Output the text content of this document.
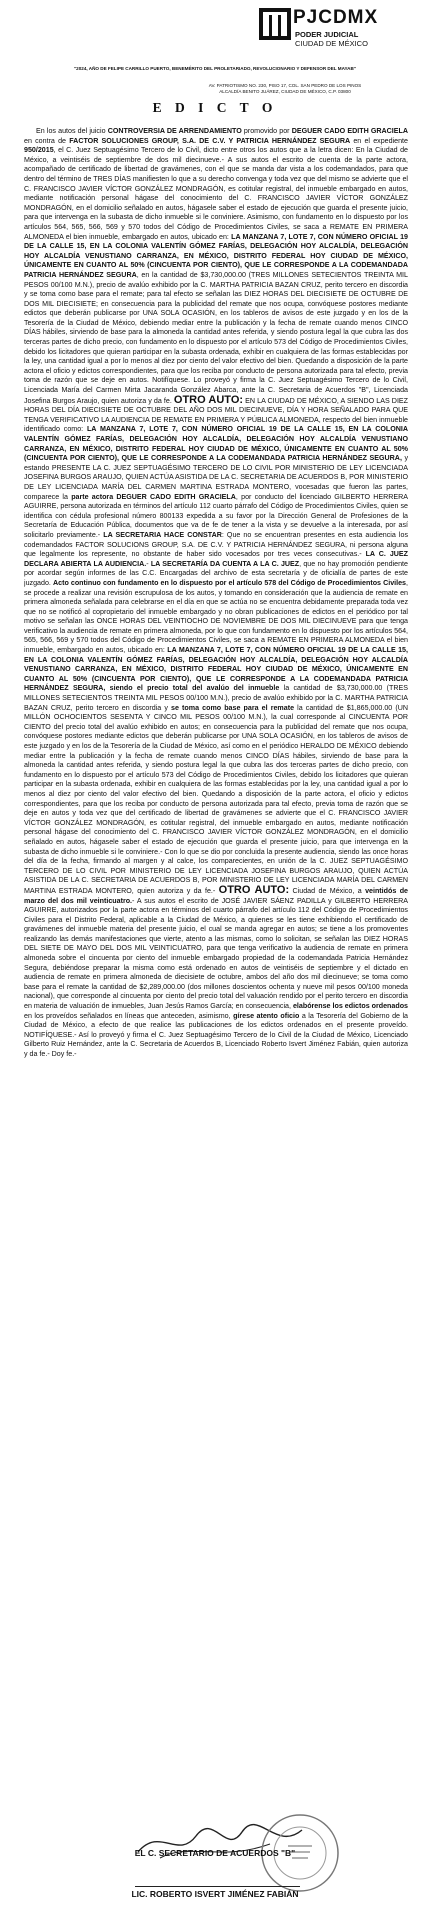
PJCDMX
PODER JUDICIAL
CIUDAD DE MÉXICO
"2024, AÑO DE FELIPE CARRILLO PUERTO, BENEMÉRITO DEL PROLETARIADO, REVOLUCIONARIO Y DEFENSOR DEL MAYAB"
AV. PATRIOTISMO NO. 230, PISO 17, COL. SAN PEDRO DE LOS PINOS
ALCALDÍA BENITO JUÁREZ, CIUDAD DE MÉXICO, C.P. 03800
E D I C T O

En los autos del juicio CONTROVERSIA DE ARRENDAMIENTO promovido por DEGUER CADO EDITH GRACIELA en contra de FACTOR SOLUCIONES GROUP, S.A. DE C.V. Y PATRICIA HERNÁNDEZ SEGURA en el expediente 950/2015, el C. Juez Septuagésimo Tercero de lo Civil, dicto entre otros los autos que a la letra dicen: En la Ciudad de México, a veintiséis de septiembre de dos mil diecinueve.- A sus autos el escrito de cuenta de la parte actora, acompañado de certificado de libertad de gravámenes, con el que se manda dar vista a los codemandados, para que dentro del término de TRES DÍAS manifiesten lo que a su derecho convenga y toda vez que del mismo se advierte que el C. FRANCISCO JAVIER VÍCTOR GONZÁLEZ MONDRAGÓN, es cotitular registral, del inmueble embargado en autos, mediante notificación personal hágase del conocimiento del C. FRANCISCO JAVIER VÍCTOR GONZÁLEZ MONDRAGÓN, en el domicilio señalado en autos, hágasele saber el estado de ejecución que guarda el presente juicio, para que intervenga en la subasta de dicho inmueble si le conviniere. Asimismo, con fundamento en lo dispuesto por los artículos 564, 565, 566, 569 y 570 todos del Código de Procedimientos Civiles, se saca a REMATE EN PRIMERA ALMONEDA el bien inmueble, embargado en autos, ubicado en: LA MANZANA 7, LOTE 7, CON NÚMERO OFICIAL 19 DE LA CALLE 15, EN LA COLONIA VALENTÍN GÓMEZ FARÍAS, DELEGACIÓN HOY ALCALDÍA, DELEGACIÓN HOY ALCALDÍA VENUSTIANO CARRANZA, EN MÉXICO, DISTRITO FEDERAL HOY CIUDAD DE MÉXICO, ÚNICAMENTE EN CUANTO AL 50% (CINCUENTA POR CIENTO), QUE LE CORRESPONDE A LA CODEMANDADA PATRICIA HERNÁNDEZ SEGURA, en la cantidad de $3,730,000.00 (TRES MILLONES SETECIENTOS TREINTA MIL PESOS 00/100 M.N.), precio de avalúo exhibido por la C. MARTHA PATRICIA BAZAN CRUZ, perito tercero en discordia y se toma como base para el remate; para tal efecto se señalan las DIEZ HORAS DEL DIECISIETE DE OCTUBRE DE DOS MIL DIECISIETE; en consecuencia para la publicidad del remate que nos ocupa, convóquese postores mediante edictos que deberán publicarse por UNA SOLA OCASIÓN, en los tableros de avisos de este juzgado y en los de la Tesorería de la Ciudad de México, debiendo mediar entre la publicación y la fecha de remate cuando menos CINCO DÍAS hábiles, sirviendo de base para la almoneda la cantidad antes referida, y siendo postura legal la que cubra las dos terceras partes de dicho precio, con fundamento en lo dispuesto por el artículo 573 del Código de Procedimientos Civiles, debido los licitadores que quieran participar en la subasta ordenada, exhibir en cualquiera de las formas establecidas por la ley, una cantidad igual a por lo menos al diez por ciento del valor efectivo del bien. Quedando a disposición de la parte actora el oficio y edictos correspondientes, para que los reciba por conducto de persona autorizada para tal efecto, previa toma de razón que se deje en autos. Notifíquese. Lo proveyó y firma la C. Juez Septuagésimo Tercero de lo Civil, Licenciada María del Carmen Mirta Jacaranda González Abarca, ante la C. Secretaria de Acuerdos "B", Licenciada Josefina Burgos Araujo, quien autoriza y da fe. OTRO AUTO: EN LA CIUDAD DE MÉXICO, A SIENDO LAS DIEZ HORAS DEL DÍA DIECISIETE DE OCTUBRE DEL AÑO DOS MIL DIECINUEVE, DÍA Y HORA SEÑALADO PARA QUE TENGA VERIFICATIVO LA AUDIENCIA DE REMATE EN PRIMERA Y PÚBLICA ALMONEDA, respecto del bien inmueble identificado como: LA MANZANA 7, LOTE 7, CON NÚMERO OFICIAL 19 DE LA CALLE 15, EN LA COLONIA VALENTÍN GÓMEZ FARÍAS, DELEGACIÓN HOY ALCALDÍA, DELEGACIÓN HOY ALCALDÍA VENUSTIANO CARRANZA, EN MÉXICO, DISTRITO FEDERAL HOY CIUDAD DE MÉXICO, ÚNICAMENTE EN CUANTO AL 50% (CINCUENTA POR CIENTO), QUE LE CORRESPONDE A LA CODEMANDADA PATRICIA HERNÁNDEZ SEGURA, y estando PRESENTE LA C. JUEZ SEPTUAGÉSIMO TERCERO DE LO CIVIL POR MINISTERIO DE LEY LICENCIADA JOSEFINA BURGOS ARAUJO, QUIEN ACTÚA ASISTIDA DE LA C. SECRETARIA DE ACUERDOS B, POR MINISTERIO DE LEY LICENCIADA MARÍA DEL CARMEN MARTINA ESTRADA MONTERO, vocesadas que fueron las partes, comparece la parte actora DEGUER CADO EDITH GRACIELA, por conducto del licenciado GILBERTO HERRERA AGUIRRE, persona autorizada en términos del artículo 112 cuarto párrafo del Código de Procedimientos Civiles, quien se identifica con cédula profesional número 800133 expedida a su favor por la Dirección General de Profesiones de la Secretaría de Educación Pública, documentos que va de fe de tener a la vista y se devuelve a la interesada, por así solicitarlo previamente.- LA SECRETARIA HACE CONSTAR: Que no se encuentran presentes en esta audiencia los codemandados FACTOR SOLUCIONS GROUP, S.A. DE C.V. Y PATRICIA HERNÁNDEZ SEGURA, ni persona alguna que legalmente los represente, no obstante de haber sido vocesados por tres veces consecutivas.- LA C. JUEZ DECLARA ABIERTA LA AUDIENCIA.- LA SECRETARÍA DA CUENTA A LA C. JUEZ, que no hay promoción pendiente por acordar según informes de las C.C. Encargadas del archivo de esta secretaría y de oficialía de partes de este juzgado. Acto continuo con fundamento en lo dispuesto por el artículo 578 del Código de Procedimientos Civiles, se procede a realizar una revisión escrupulosa de los autos, y tomando en consideración que la audiencia de remate en primera almoneda señalada para celebrarse en el día en que se actúa no se encuentra debidamente preparada toda vez que no se notificó al copropietario del inmueble embargado y no obran publicaciones de edictos en el periódico por tal motivo se señalan las ONCE HORAS DEL VEINTIOCHO DE NOVIEMBRE DE DOS MIL DIECINUEVE para que tenga verificativo la audiencia de remate en primera almoneda, por lo que con fundamento en lo dispuesto por los artículos 564, 565, 566, 569 y 570 todos del Código de Procedimientos Civiles, se saca a REMATE EN PRIMERA ALMONEDA el bien inmueble, embargado en autos, ubicado en: LA MANZANA 7, LOTE 7, CON NÚMERO OFICIAL 19 DE LA CALLE 15, EN LA COLONIA VALENTÍN GÓMEZ FARÍAS, DELEGACIÓN HOY ALCALDÍA, DELEGACIÓN HOY ALCALDÍA VENUSTIANO CARRANZA, EN MÉXICO, DISTRITO FEDERAL HOY CIUDAD DE MÉXICO, ÚNICAMENTE EN CUANTO AL 50% (CINCUENTA POR CIENTO), QUE LE CORRESPONDE A LA CODEMANDADA PATRICIA HERNÁNDEZ SEGURA, siendo el precio total del avalúo del inmueble la cantidad de $3,730,000.00 (TRES MILLONES SETECIENTOS TREINTA MIL PESOS 00/100 M.N.), precio de avalúo exhibido por la C. MARTHA PATRICIA BAZAN CRUZ, perito tercero en discordia y se toma como base para el remate la cantidad de $1,865,000.00 (UN MILLÓN OCHOCIENTOS SESENTA Y CINCO MIL PESOS 00/100 M.N.), la cual corresponde al CINCUENTA POR CIENTO del precio total del avalúo exhibido en autos; en consecuencia para la publicidad del remate que nos ocupa, convóquese postores mediante edictos que deberán publicarse por UNA SOLA OCASIÓN, en los tableros de avisos de este juzgado y en los de la Tesorería de la Ciudad de México, así como en el periódico HERALDO DE MÉXICO debiendo mediar entre la publicación y la fecha de remate cuando menos CINCO DÍAS hábiles, sirviendo de base para la almoneda la cantidad antes referida, y siendo postura legal la que cubra las dos terceras partes de dicho precio, con fundamento en lo dispuesto por el artículo 573 del Código de Procedimientos Civiles, debido los licitadores que quieran participar en la subasta ordenada, exhibir en cualquiera de las formas establecidas por la ley, una cantidad igual a por lo menos al diez por ciento del valor efectivo del bien. Quedando a disposición de la parte actora, el oficio y edictos correspondientes, para que los reciba por conducto de persona autorizada para tal efecto, previa toma de razón que se deje en autos y toda vez que del certificado de libertad de gravámenes se advierte que el C. FRANCISCO JAVIER VÍCTOR GONZÁLEZ MONDRAGÓN, es cotitular registral, del inmueble embargado en autos, mediante notificación personal hágase del conocimiento del C. FRANCISCO JAVIER VÍCTOR GONZÁLEZ MONDRAGÓN, en el domicilio señalado en autos, hágasele saber el estado de ejecución que guarda el presente juicio, para que intervenga en la subasta de dicho inmueble si le conviniere.- Con lo que se dio por concluida la presente audiencia, siendo las once horas del día de la fecha, firmando al margen y al calce, los comparecientes, en unión de la C. JUEZ SEPTUAGÉSIMO TERCERO DE LO CIVIL POR MINISTERIO DE LEY LICENCIADA JOSEFINA BURGOS ARAUJO, QUIEN ACTÚA ASISTIDA DE LA C. SECRETARIA DE ACUERDOS B, POR MINISTERIO DE LEY LICENCIADA MARÍA DEL CARMEN MARTINA ESTRADA MONTERO, quien autoriza y da fe.- OTRO AUTO: Ciudad de México, a veintidós de marzo del dos mil veinticuatro.- A sus autos el escrito de JOSÉ JAVIER SÁENZ PADILLA y GILBERTO HERRERA AGUIRRE, autorizados por la parte actora en términos del cuarto párrafo del artículo 112 del Código de Procedimientos Civiles para el Distrito Federal, aplicable a la Ciudad de México, a quienes se les tiene exhibiendo el certificado de gravámenes del inmueble materia del presente juicio, el cual se manda agregar en autos; se tiene a los promoventes realizando las demás manifestaciones que vierte, atento a las mismas, como lo solicitan, se señalan las DIEZ HORAS DEL SIETE DE MAYO DEL DOS MIL VEINTICUATRO, para que tenga verificativo la audiencia de remate en primera almoneda sobre el cincuenta por ciento del inmueble embargado propiedad de la codemandada Patricia Hernández Segura, debiéndose preparar la misma como está ordenado en autos de veintiséis de septiembre y el dictado en audiencia de remate en primera almoneda de diecisiete de octubre, ambos del año dos mil diecinueve; se toma como base para el remate la cantidad de $2,289,000.00 (dos millones doscientos ochenta y nueve mil pesos 00/100 moneda nacional), que corresponde al cincuenta por ciento del precio total del valuación rendido por el perito tercero en discordia en materia de valuación de inmuebles, Juan Jesús Ramos García; en consecuencia, elabórense los edictos ordenados en los proveídos señalados en líneas que anteceden, asimismo, gírese atento oficio a la Tesorería del Gobierno de la Ciudad de México, a efecto de que realice las publicaciones de los edictos ordenados en el presente proveído. NOTIFÍQUESE.- Así lo proveyó y firma el C. Juez Septuagésimo Tercero de lo Civil de la Ciudad de México, Licenciado Gilberto Ruiz Hernández, ante la C. Secretaria de Acuerdos B, Licenciado Roberto Isvert Jiménez Fabián, quien autoriza y da fe.- Doy fe.-

EL C. SECRETARIO DE ACUERDOS "B"
LIC. ROBERTO ISVERT JIMÉNEZ FABIÁN
